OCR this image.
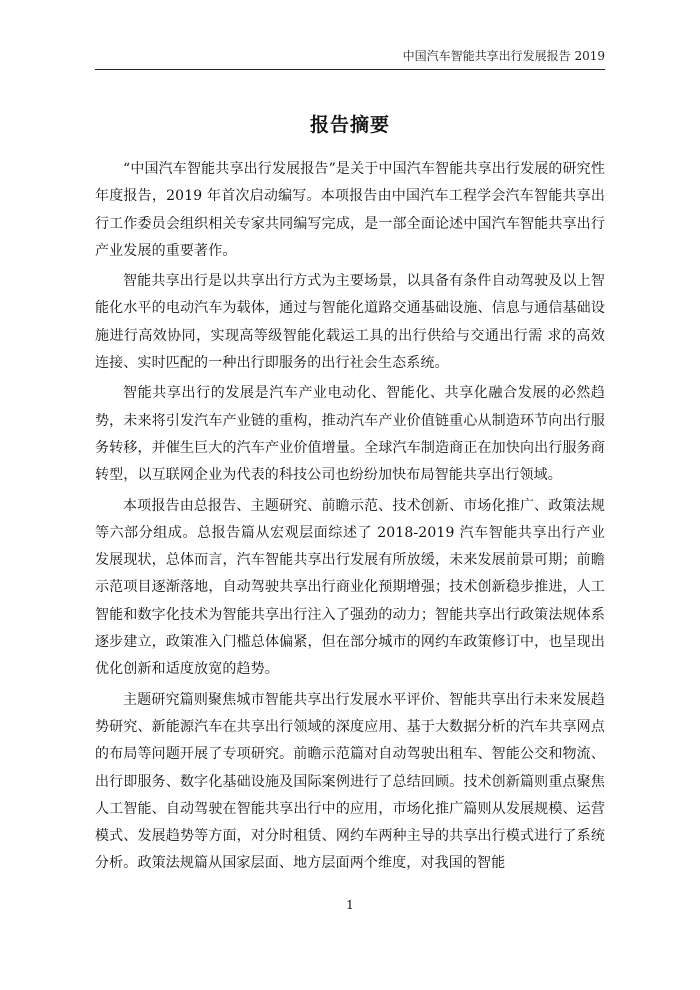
中国汽车智能共享出行发展报告 2019
报告摘要

“中国汽车智能共享出行发展报告”是关于中国汽车智能共享出行发展的研究性年度报告，2019 年首次启动编写。本项报告由中国汽车工程学会汽车智能共享出行工作委员会组织相关专家共同编写完成，是一部全面论述中国汽车智能共享出行产业发展的重要著作。

智能共享出行是以共享出行方式为主要场景，以具备有条件自动驾驶及以上智能化水平的电动汽车为载体，通过与智能化道路交通基础设施、信息与通信基础设施进行高效协同，实现高等级智能化载运工具的出行供给与交通出行需 求的高效连接、实时匹配的一种出行即服务的出行社会生态系统。

智能共享出行的发展是汽车产业电动化、智能化、共享化融合发展的必然趋势，未来将引发汽车产业链的重构，推动汽车产业价值链重心从制造环节向出行服务转移，并催生巨大的汽车产业价值增量。全球汽车制造商正在加快向出行服务商转型，以互联网企业为代表的科技公司也纷纷加快布局智能共享出行领域。

本项报告由总报告、主题研究、前瞻示范、技术创新、市场化推广、政策法规等六部分组成。总报告篇从宏观层面综述了 2018-2019 汽车智能共享出行产业发展现状，总体而言，汽车智能共享出行发展有所放缓，未来发展前景可期；前瞻示范项目逐渐落地，自动驾驶共享出行商业化预期增强；技术创新稳步推进，人工智能和数字化技术为智能共享出行注入了强劲的动力；智能共享出行政策法规体系逐步建立，政策准入门槛总体偏紧，但在部分城市的网约车政策修订中，也呈现出优化创新和适度放宽的趋势。

主题研究篇则聚焦城市智能共享出行发展水平评价、智能共享出行未来发展趋势研究、新能源汽车在共享出行领域的深度应用、基于大数据分析的汽车共享网点的布局等问题开展了专项研究。前瞻示范篇对自动驾驶出租车、智能公交和物流、出行即服务、数字化基础设施及国际案例进行了总结回顾。技术创新篇则重点聚焦人工智能、自动驾驶在智能共享出行中的应用，市场化推广篇则从发展规模、运营模式、发展趋势等方面，对分时租赁、网约车两种主导的共享出行模式进行了系统分析。政策法规篇从国家层面、地方层面两个维度，对我国的智能

1
